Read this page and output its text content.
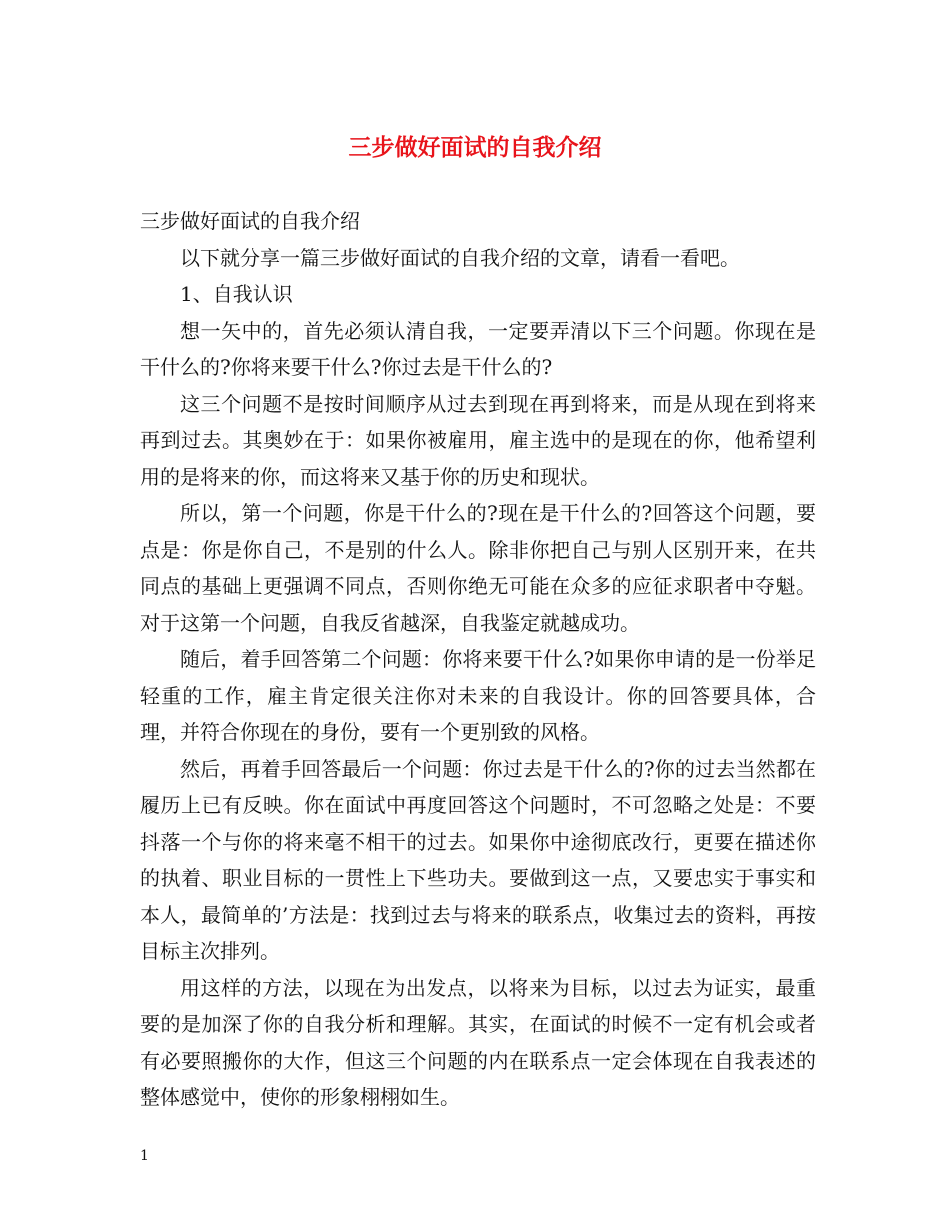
三步做好面试的自我介绍

三步做好面试的自我介绍

以下就分享一篇三步做好面试的自我介绍的文章，请看一看吧。

1、自我认识

想一矢中的，首先必须认清自我，一定要弄清以下三个问题。你现在是干什么的?你将来要干什么?你过去是干什么的?

这三个问题不是按时间顺序从过去到现在再到将来，而是从现在到将来再到过去。其奥妙在于：如果你被雇用，雇主选中的是现在的你，他希望利用的是将来的你，而这将来又基于你的历史和现状。

所以，第一个问题，你是干什么的?现在是干什么的?回答这个问题，要点是：你是你自己，不是别的什么人。除非你把自己与别人区别开来，在共同点的基础上更强调不同点，否则你绝无可能在众多的应征求职者中夺魁。对于这第一个问题，自我反省越深，自我鉴定就越成功。

随后，着手回答第二个问题：你将来要干什么?如果你申请的是一份举足轻重的工作，雇主肯定很关注你对未来的自我设计。你的回答要具体，合理，并符合你现在的身份，要有一个更别致的风格。

然后，再着手回答最后一个问题：你过去是干什么的?你的过去当然都在履历上已有反映。你在面试中再度回答这个问题时，不可忽略之处是：不要抖落一个与你的将来毫不相干的过去。如果你中途彻底改行，更要在描述你的执着、职业目标的一贯性上下些功夫。要做到这一点，又要忠实于事实和本人，最简单的’方法是：找到过去与将来的联系点，收集过去的资料，再按目标主次排列。

用这样的方法，以现在为出发点，以将来为目标，以过去为证实，最重要的是加深了你的自我分析和理解。其实，在面试的时候不一定有机会或者有必要照搬你的大作，但这三个问题的内在联系点一定会体现在自我表述的整体感觉中，使你的形象栩栩如生。

1
